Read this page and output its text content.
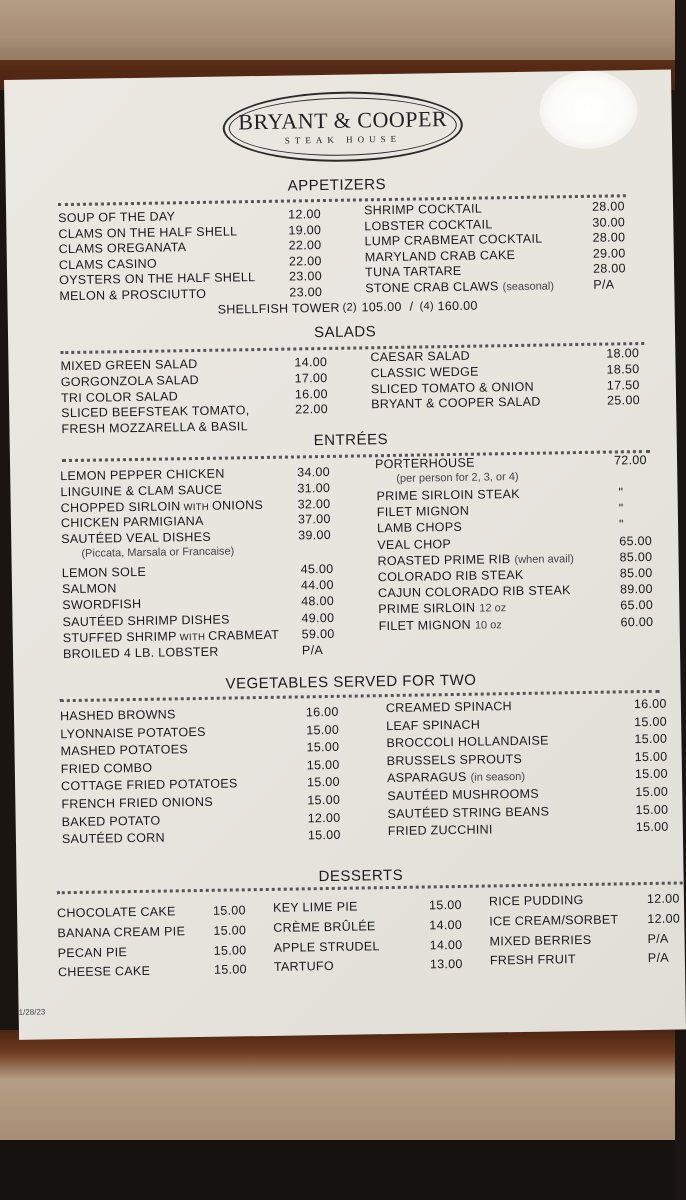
BRYANT & COOPER
STEAK HOUSE
APPETIZERS
SOUP OF THE DAY	12.00
CLAMS ON THE HALF SHELL	19.00
CLAMS OREGANATA	22.00
CLAMS CASINO	22.00
OYSTERS ON THE HALF SHELL	23.00
MELON & PROSCIUTTO	23.00
SHRIMP COCKTAIL	28.00
LOBSTER COCKTAIL	30.00
LUMP CRABMEAT COCKTAIL	28.00
MARYLAND CRAB CAKE	29.00
TUNA TARTARE	28.00
STONE CRAB CLAWS (seasonal)	P/A
SHELLFISH TOWER (2) 105.00 / (4) 160.00
SALADS
MIXED GREEN SALAD	14.00
GORGONZOLA SALAD	17.00
TRI COLOR SALAD	16.00
SLICED BEEFSTEAK TOMATO,	22.00
FRESH MOZZARELLA & BASIL
CAESAR SALAD	18.00
CLASSIC WEDGE	18.50
SLICED TOMATO & ONION	17.50
BRYANT & COOPER SALAD	25.00
ENTRÉES
LEMON PEPPER CHICKEN	34.00
LINGUINE & CLAM SAUCE	31.00
CHOPPED SIRLOIN WITH ONIONS	32.00
CHICKEN PARMIGIANA	37.00
SAUTÉED VEAL DISHES	39.00
(Piccata, Marsala or Francaise)
LEMON SOLE	45.00
SALMON	44.00
SWORDFISH	48.00
SAUTÉED SHRIMP DISHES	49.00
STUFFED SHRIMP WITH CRABMEAT 59.00
BROILED 4 LB. LOBSTER	P/A
PORTERHOUSE	72.00
(per person for 2, 3, or 4)
PRIME SIRLOIN STEAK	"
FILET MIGNON	"
LAMB CHOPS	"
VEAL CHOP	65.00
ROASTED PRIME RIB (when avail)	85.00
COLORADO RIB STEAK	85.00
CAJUN COLORADO RIB STEAK	89.00
PRIME SIRLOIN 12 oz	65.00
FILET MIGNON 10 oz	60.00
VEGETABLES SERVED FOR TWO
HASHED BROWNS	16.00
LYONNAISE POTATOES	15.00
MASHED POTATOES	15.00
FRIED COMBO	15.00
COTTAGE FRIED POTATOES	15.00
FRENCH FRIED ONIONS	15.00
BAKED POTATO	12.00
SAUTÉED CORN	15.00
CREAMED SPINACH	16.00
LEAF SPINACH	15.00
BROCCOLI HOLLANDAISE	15.00
BRUSSELS SPROUTS	15.00
ASPARAGUS (in season)	15.00
SAUTÉED MUSHROOMS	15.00
SAUTÉED STRING BEANS	15.00
FRIED ZUCCHINI	15.00
DESSERTS
CHOCOLATE CAKE	15.00
BANANA CREAM PIE 15.00
PECAN PIE	15.00
CHEESE CAKE	15.00
KEY LIME PIE	15.00
CRÈME BRÛLÉE	14.00
APPLE STRUDEL	14.00
TARTUFO	13.00
RICE PUDDING	12.00
ICE CREAM/SORBET 12.00
MIXED BERRIES	P/A
FRESH FRUIT	P/A
1/28/23
